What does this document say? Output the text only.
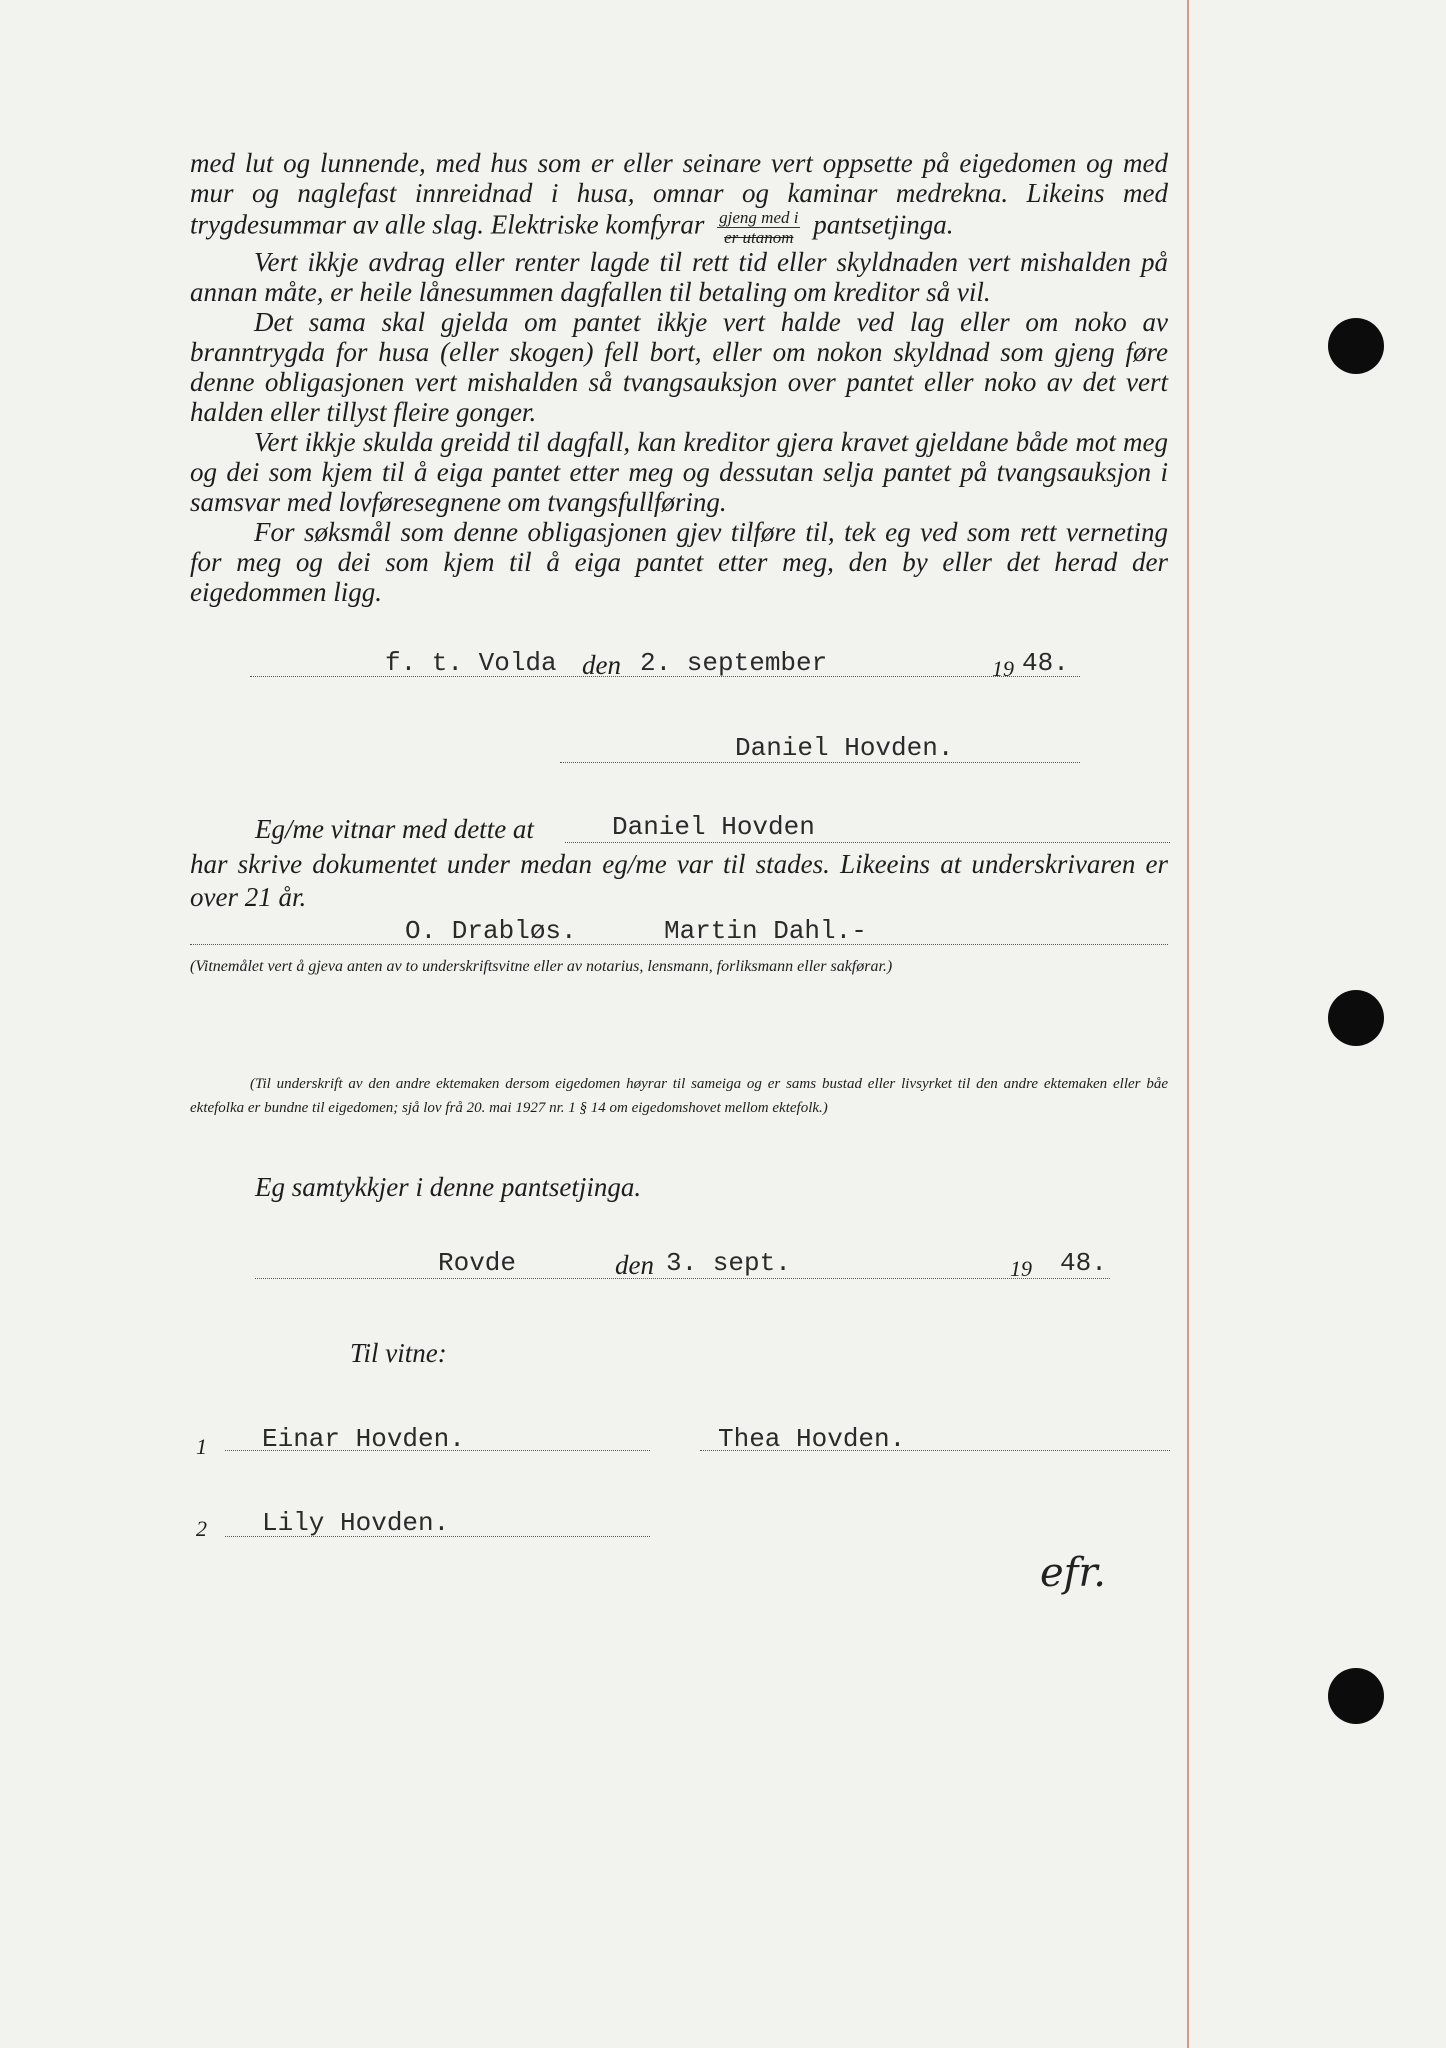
med lut og lunnende, med hus som er eller seinare vert oppsette på eigedomen og med mur og naglefast innreidnad i husa, omnar og kaminar medrekna. Likeins med trygdesummar av alle slag. Elektriske komfyrar gjeng med i
er utanom pantsetjinga.

Vert ikkje avdrag eller renter lagde til rett tid eller skyldnaden vert mishalden på annan måte, er heile lånesummen dagfallen til betaling om kreditor så vil.

Det sama skal gjelda om pantet ikkje vert halde ved lag eller om noko av branntrygda for husa (eller skogen) fell bort, eller om nokon skyldnad som gjeng føre denne obligasjonen vert mishalden så tvangsauksjon over pantet eller noko av det vert halden eller tillyst fleire gonger.

Vert ikkje skulda greidd til dagfall, kan kreditor gjera kravet gjeldane både mot meg og dei som kjem til å eiga pantet etter meg og dessutan selja pantet på tvangsauksjon i samsvar med lovføresegnene om tvangsfullføring.

For søksmål som denne obligasjonen gjev tilføre til, tek eg ved som rett verneting for meg og dei som kjem til å eiga pantet etter meg, den by eller det herad der eigedommen ligg.

f. t. Volda den 2. september	19 48.
Daniel Hovden.
Eg/me vitnar med dette at	Daniel Hovden
har skrive dokumentet under medan eg/me var til stades. Likeeins at underskrivaren er over 21 år.
O. Drabløs.	Martin Dahl.-
(Vitnemålet vert å gjeva anten av to underskriftsvitne eller av notarius, lensmann, forliksmann eller sakførar.)
(Til underskrift av den andre ektemaken dersom eigedomen høyrar til sameiga og er sams bustad eller livsyrket til den andre ektemaken eller båe ektefolka er bundne til eigedomen; sjå lov frå 20. mai 1927 nr. 1 § 14 om eigedomshovet mellom ektefolk.)
Eg samtykkjer i denne pantsetjinga.
Rovde	den 3. sept.	19 48.
Til vitne:
1 Einar Hovden.	Thea Hovden.
2 Lily Hovden.
efr.
